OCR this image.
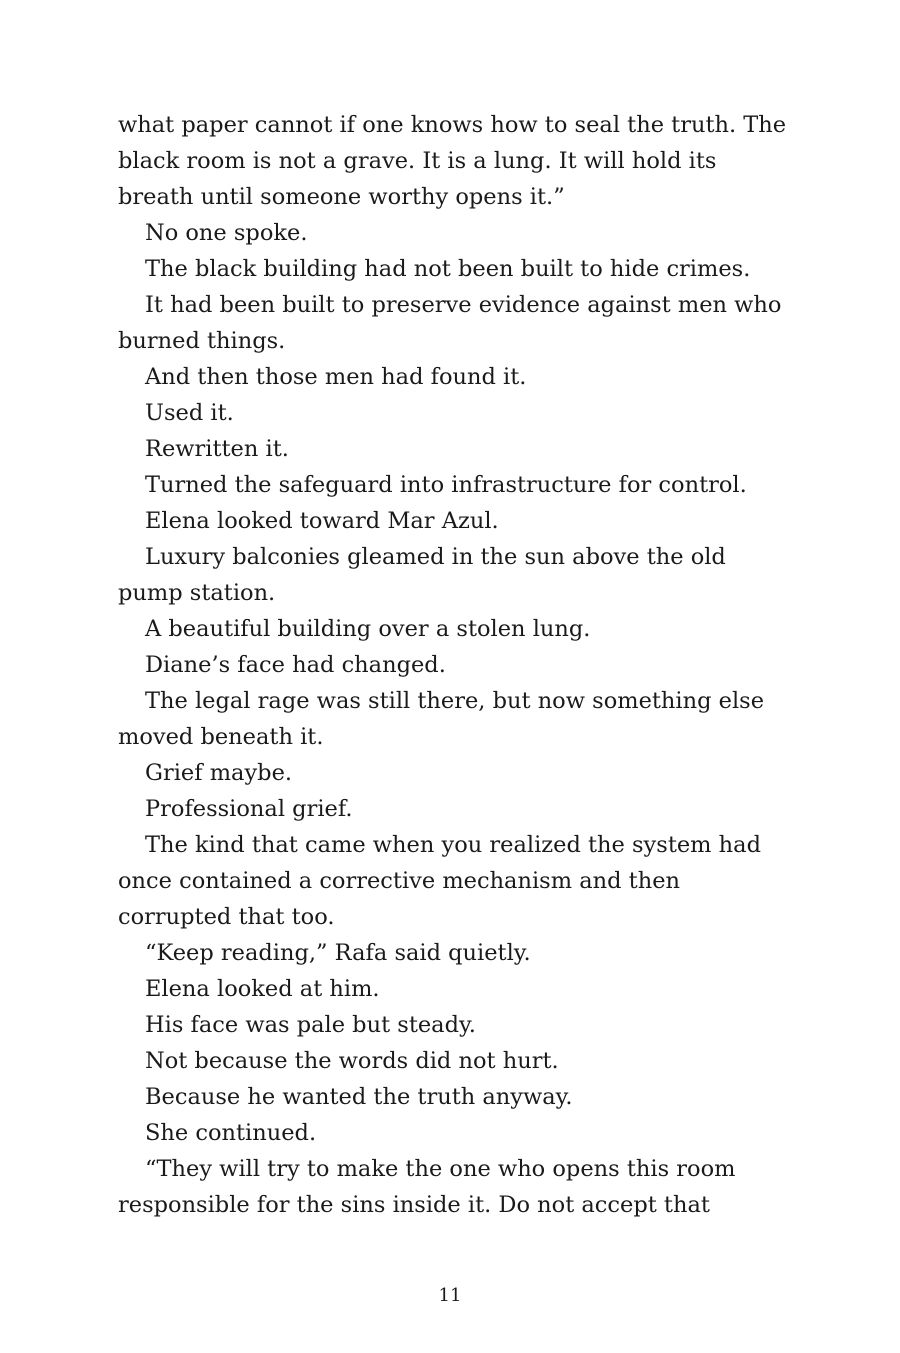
what paper cannot if one knows how to seal the truth. The black room is not a grave. It is a lung. It will hold its breath until someone worthy opens it.”

No one spoke.

The black building had not been built to hide crimes.

It had been built to preserve evidence against men who burned things.

And then those men had found it.

Used it.

Rewritten it.

Turned the safeguard into infrastructure for control.

Elena looked toward Mar Azul.

Luxury balconies gleamed in the sun above the old pump station.

A beautiful building over a stolen lung.

Diane’s face had changed.

The legal rage was still there, but now something else moved beneath it.

Grief maybe.

Professional grief.

The kind that came when you realized the system had once contained a corrective mechanism and then corrupted that too.

“Keep reading,” Rafa said quietly.

Elena looked at him.

His face was pale but steady.

Not because the words did not hurt.

Because he wanted the truth anyway.

She continued.

“They will try to make the one who opens this room responsible for the sins inside it. Do not accept that

11
